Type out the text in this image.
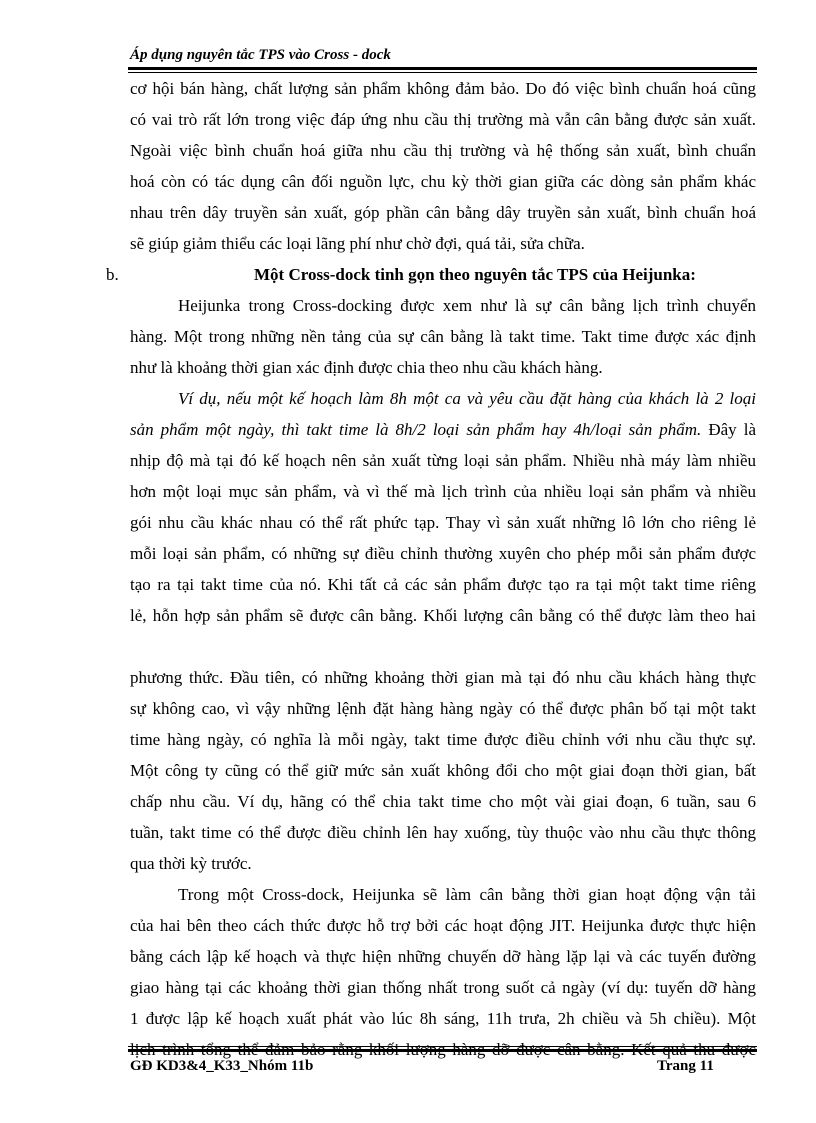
Áp dụng nguyên tắc TPS vào Cross - dock
cơ hội bán hàng, chất lượng sản phẩm không đảm bảo. Do đó việc bình chuẩn hoá cũng
có vai trò rất lớn trong việc đáp ứng nhu cầu thị trường mà vẫn cân bằng được sản xuất.
Ngoài việc bình chuẩn hoá giữa nhu cầu thị trường và hệ thống sản xuất, bình chuẩn
hoá còn có tác dụng cân đối nguồn lực, chu kỳ thời gian giữa các dòng sản phẩm khác
nhau trên dây truyền sản xuất, góp phần cân bằng dây truyền sản xuất, bình chuẩn hoá
sẽ giúp giảm thiểu các loại lãng phí như chờ đợi, quá tải, sửa chữa.
b.	Một Cross-dock tinh gọn theo nguyên tắc TPS của Heijunka:
Heijunka trong Cross-docking được xem như là sự cân bằng lịch trình chuyển
hàng. Một trong những nền tảng của sự cân bằng là takt time. Takt time được xác định
như là khoảng thời gian xác định được chia theo nhu cầu khách hàng.
Ví dụ, nếu một kế hoạch làm 8h một ca và yêu cầu đặt hàng của khách là 2 loại
sản phẩm một ngày, thì takt time là 8h/2 loại sản phẩm hay 4h/loại sản phẩm. Đây là
nhịp độ mà tại đó kế hoạch nên sản xuất từng loại sản phẩm. Nhiều nhà máy làm nhiều
hơn một loại mục sản phẩm, và vì thế mà lịch trình của nhiều loại sản phẩm và nhiều
gói nhu cầu khác nhau có thể rất phức tạp. Thay vì sản xuất những lô lớn cho riêng lẻ
mỗi loại sản phẩm, có những sự điều chỉnh thường xuyên cho phép mỗi sản phẩm được
tạo ra tại takt time của nó. Khi tất cả các sản phẩm được tạo ra tại một takt time riêng
lẻ, hỗn hợp sản phẩm sẽ được cân bằng. Khối lượng cân bằng có thể được làm theo hai
phương thức. Đầu tiên, có những khoảng thời gian mà tại đó nhu cầu khách hàng thực
sự không cao, vì vậy những lệnh đặt hàng hàng ngày có thể được phân bố tại một takt
time hàng ngày, có nghĩa là mỗi ngày, takt time được điều chỉnh với nhu cầu thực sự.
Một công ty cũng có thể giữ mức sản xuất không đổi cho một giai đoạn thời gian, bất
chấp nhu cầu. Ví dụ, hãng có thể chia takt time cho một vài giai đoạn, 6 tuần, sau 6
tuần, takt time có thể được điều chỉnh lên hay xuống, tùy thuộc vào nhu cầu thực thông
qua thời kỳ trước.
Trong một Cross-dock, Heijunka sẽ làm cân bằng thời gian hoạt động vận tải
của hai bên theo cách thức được hỗ trợ bởi các hoạt động JIT. Heijunka được thực hiện
bằng cách lập kế hoạch và thực hiện những chuyến dỡ hàng lặp lại và các tuyến đường
giao hàng tại các khoảng thời gian thống nhất trong suốt cả ngày (ví dụ: tuyến dỡ hàng
1 được lập kế hoạch xuất phát vào lúc 8h sáng, 11h trưa, 2h chiều và 5h chiều). Một
GĐ KD3&4_K33_Nhóm 11b	Trang 11
